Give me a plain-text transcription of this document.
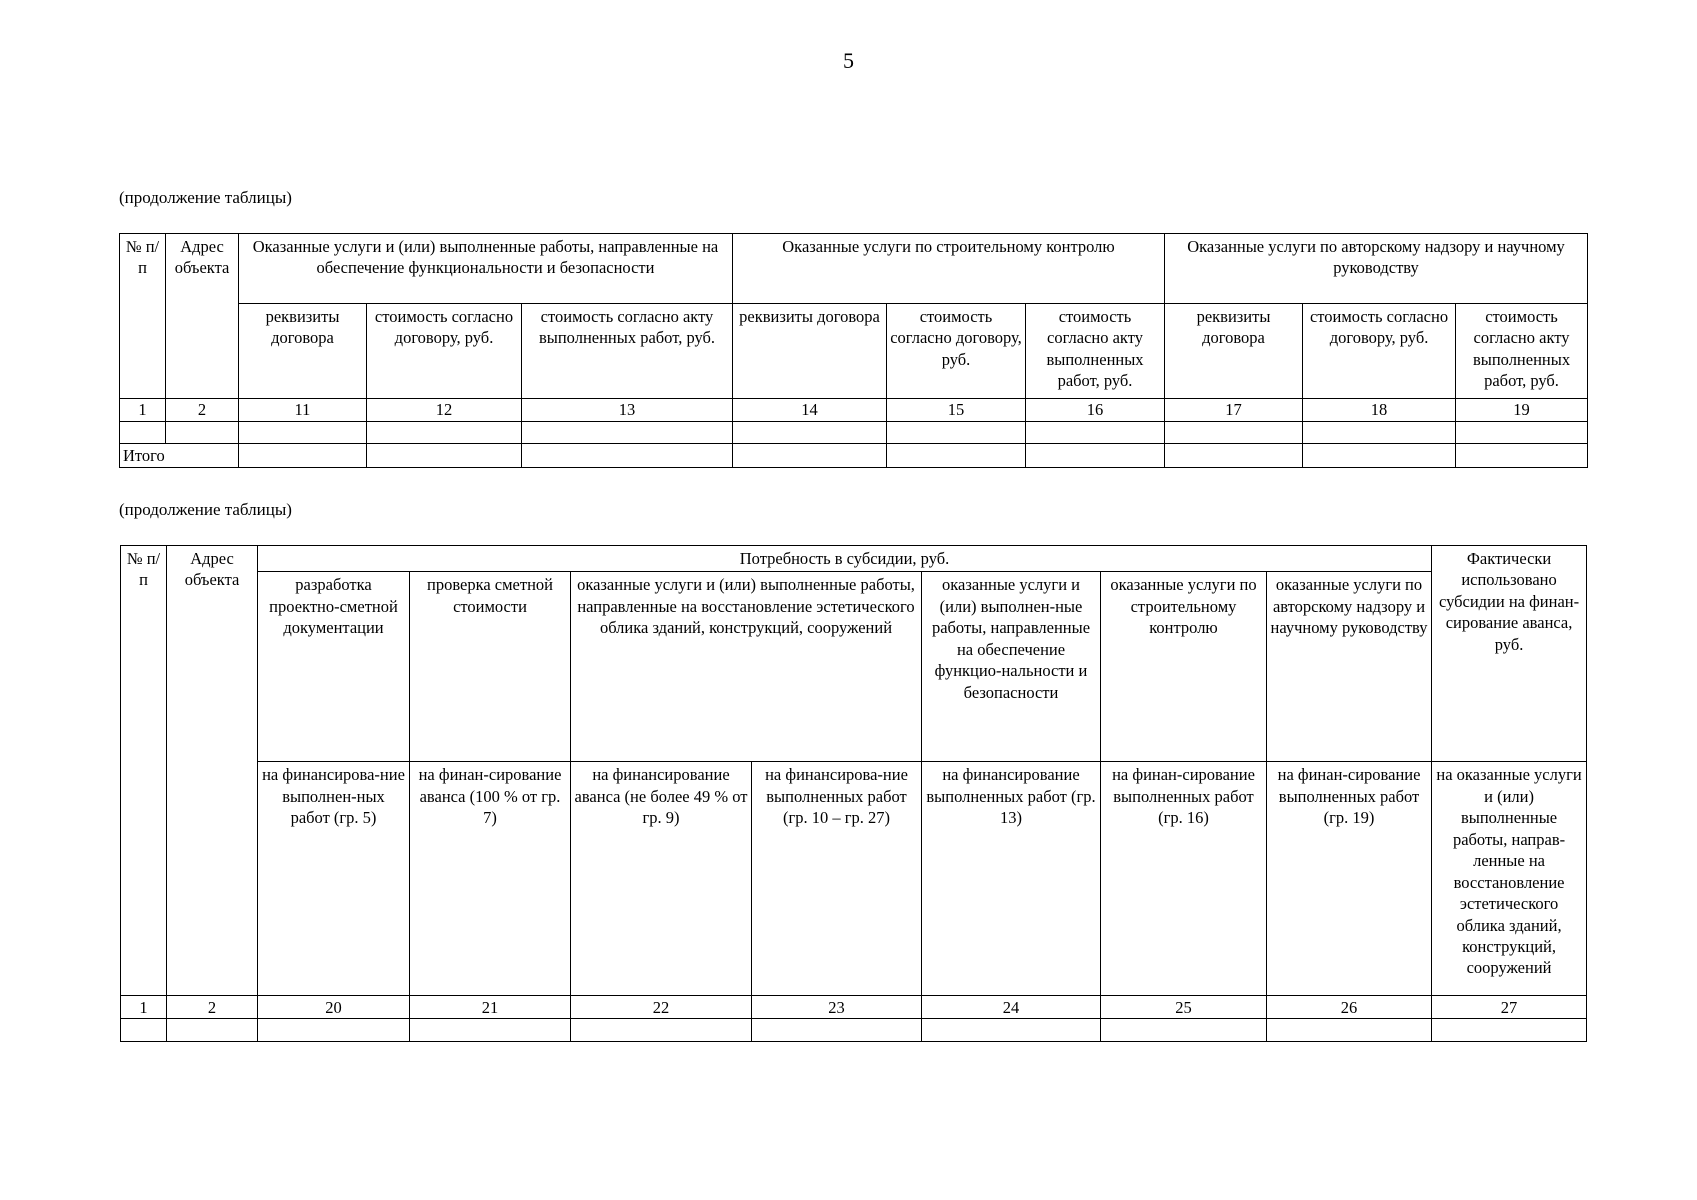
5
(продолжение таблицы)
№ п/п	Адрес объекта	Оказанные услуги и (или) выполненные работы, направленные на обеспечение функциональности и безопасности			Оказанные услуги по строительному контролю			Оказанные услуги по авторскому надзору и научному руководству		
		реквизиты договора	стоимость согласно договору, руб.	стоимость согласно акту выполненных работ, руб.	реквизиты договора	стоимость согласно договору, руб.	стоимость согласно акту выполненных работ, руб.	реквизиты договора	стоимость согласно договору, руб.	стоимость согласно акту выполненных работ, руб.
1	2	11	12	13	14	15	16	17	18	19

Итого										
(продолжение таблицы)
№ п/п	Адрес объекта	Потребность в субсидии, руб.							Фактически использовано субсидии на финан-сирование аванса, руб.
		разработка проектно-сметной документации	проверка сметной стоимости	оказанные услуги и (или) выполненные работы, направленные на восстановление эстетического облика зданий, конструкций, сооружений		оказанные услуги и (или) выполнен-ные работы, направленные на обеспечение функцио-нальности и безопасности	оказанные услуги по строительному контролю	оказанные услуги по авторскому надзору и научному руководству	
		на финансирова-ние выполнен-ных работ (гр. 5)	на финан-сирование аванса (100 % от гр. 7)	на финансирование аванса (не более 49 % от гр. 9)	на финансирова-ние выполненных работ (гр. 10 – гр. 27)	на финансирование выполненных работ (гр. 13)	на финан-сирование выполненных работ (гр. 16)	на финан-сирование выполненных работ (гр. 19)	на оказанные услуги и (или) выполненные работы, направ-ленные на восстановление эстетического облика зданий, конструкций, сооружений
1	2	20	21	22	23	24	25	26	27
